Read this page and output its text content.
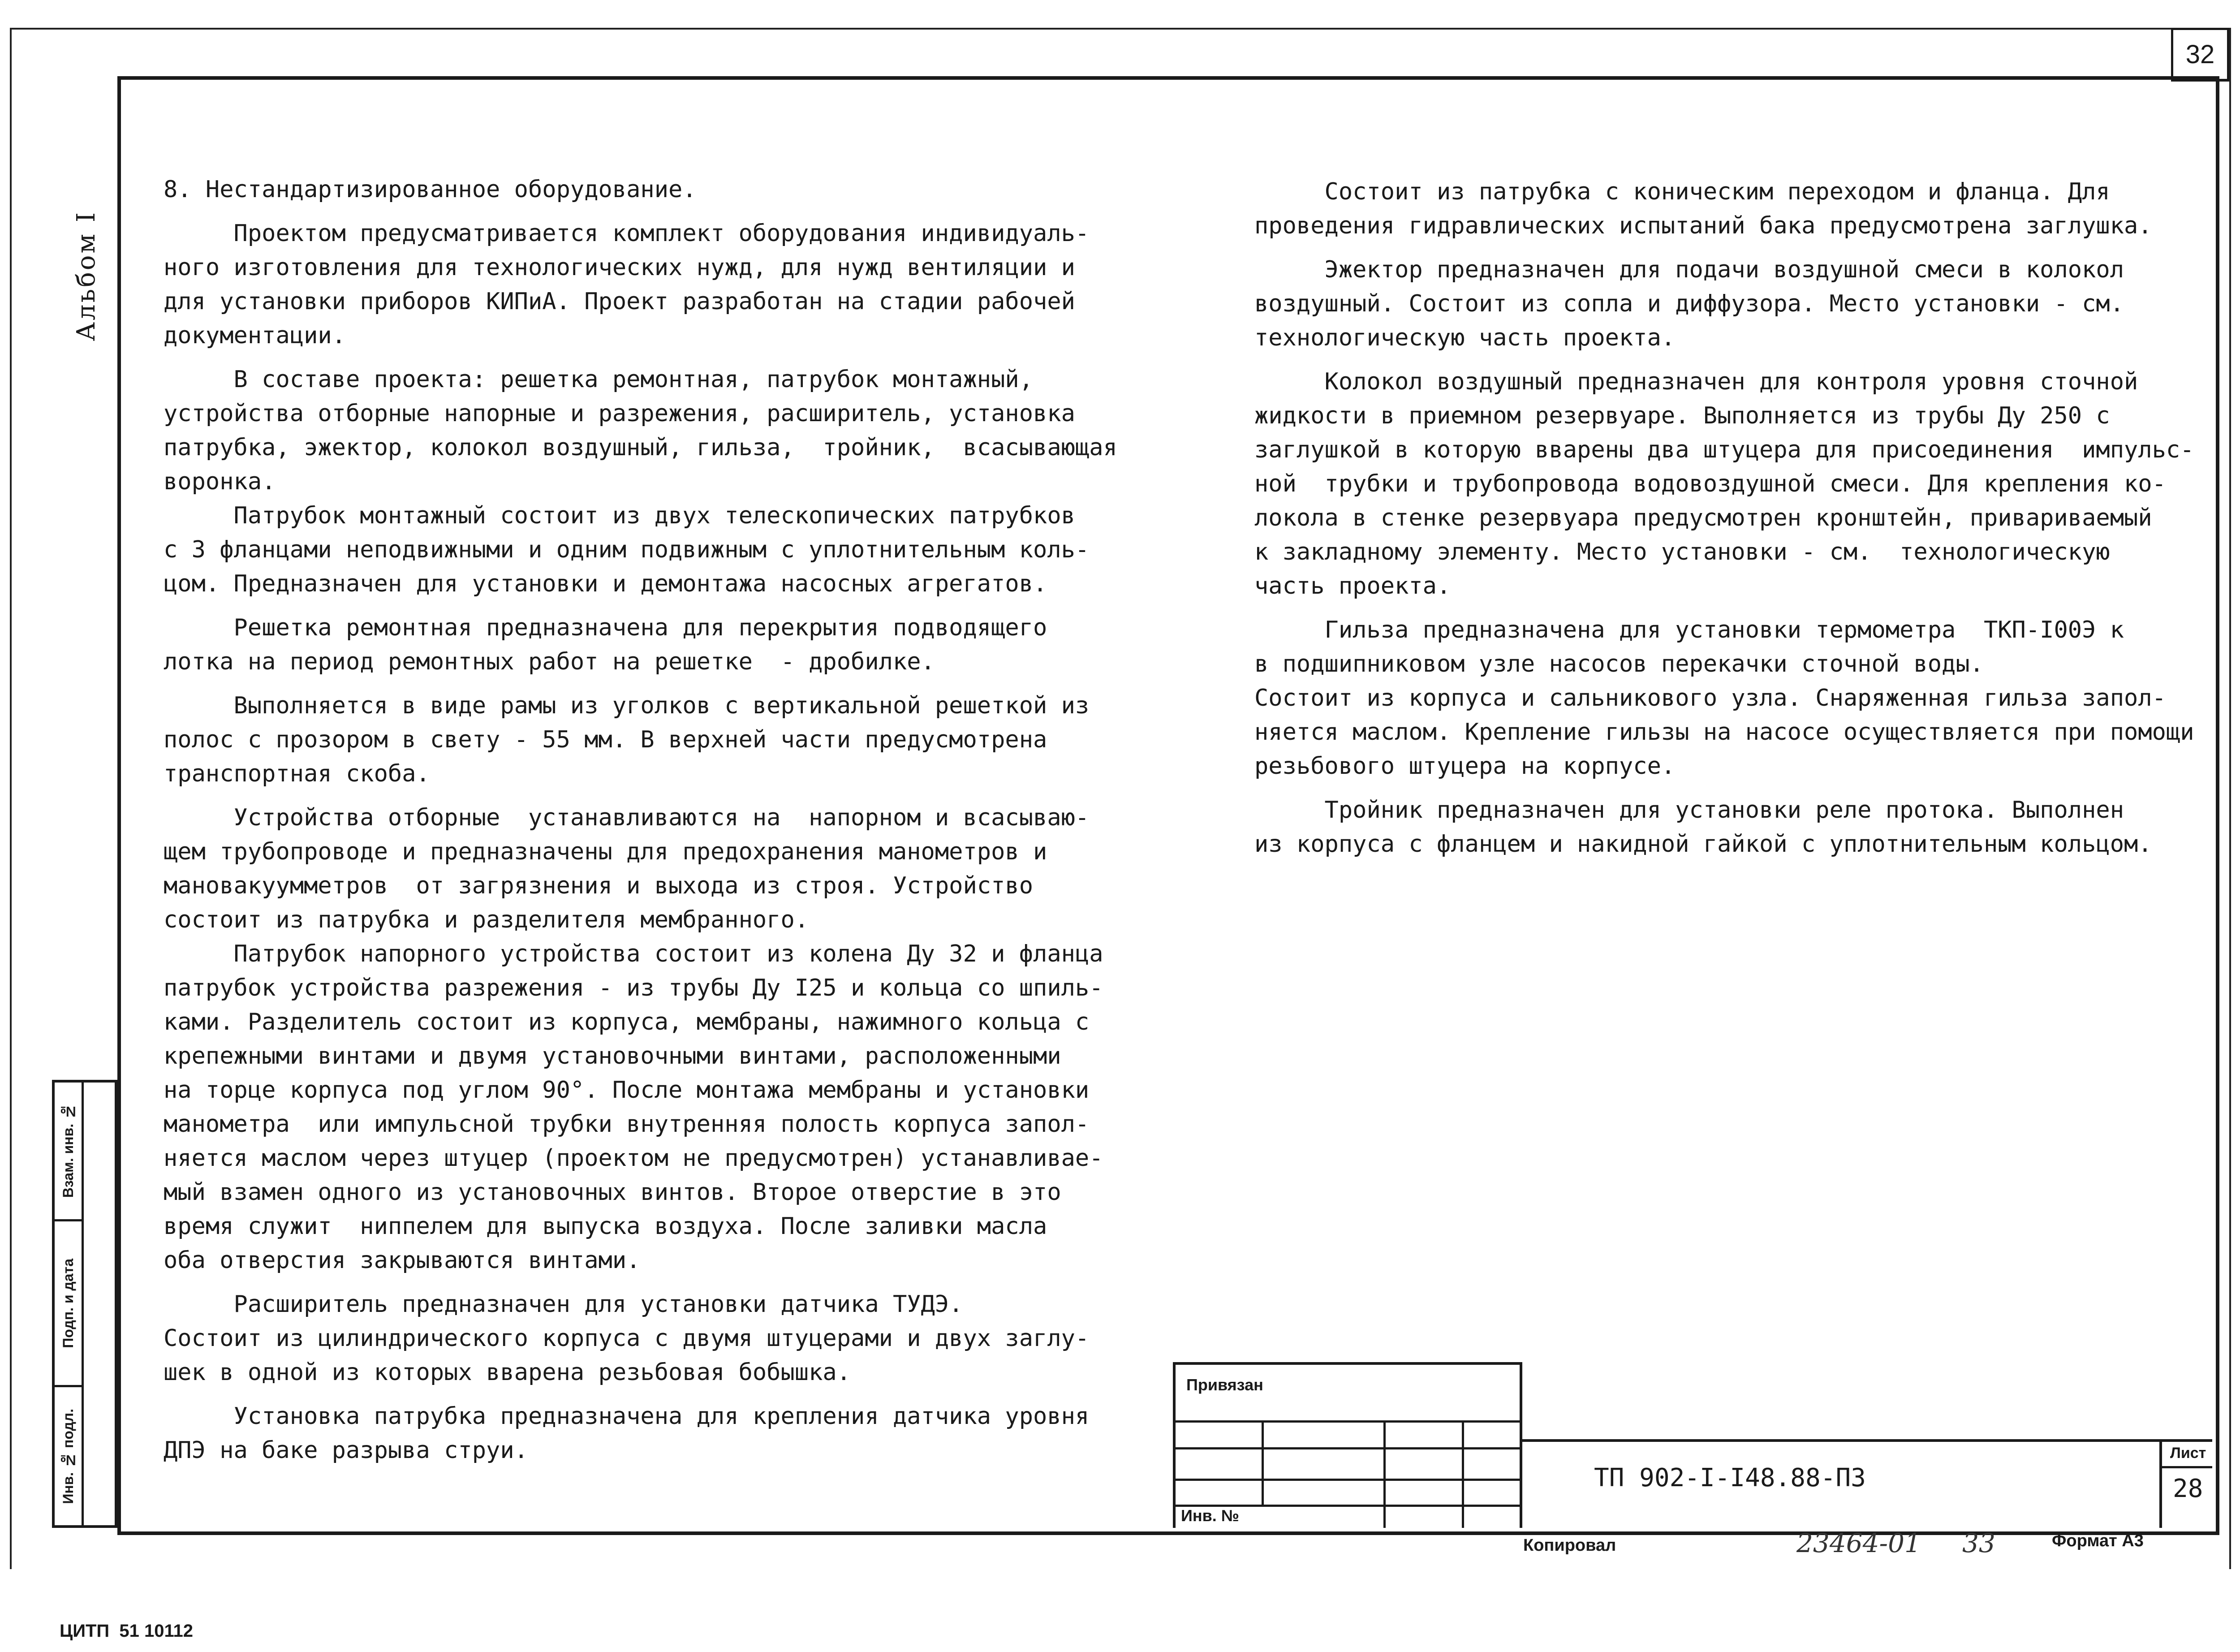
32
Альбом I
Взам. инв. №
Подп. и дата
Инв. № подл.
8. Нестандартизированное оборудование.
Проектом предусматривается комплект оборудования индивидуаль-
ного изготовления для технологических нужд, для нужд вентиляции и
для установки приборов КИПиА. Проект разработан на стадии рабочей
документации.
В составе проекта: решетка ремонтная, патрубок монтажный,
устройства отборные напорные и разрежения, расширитель, установка
патрубка, эжектор, колокол воздушный, гильза,  тройник,  всасывающая
воронка.
Патрубок монтажный состоит из двух телескопических патрубков
с 3 фланцами неподвижными и одним подвижным с уплотнительным коль-
цом. Предназначен для установки и демонтажа насосных агрегатов.
Решетка ремонтная предназначена для перекрытия подводящего
лотка на период ремонтных работ на решетке  - дробилке.
Выполняется в виде рамы из уголков с вертикальной решеткой из
полос с прозором в свету - 55 мм. В верхней части предусмотрена
транспортная скоба.
Устройства отборные  устанавливаются на  напорном и всасываю-
щем трубопроводе и предназначены для предохранения манометров и
мановакуумметров  от загрязнения и выхода из строя. Устройство
состоит из патрубка и разделителя мембранного.
Патрубок напорного устройства состоит из колена Ду 32 и фланца
патрубок устройства разрежения - из трубы Ду I25 и кольца со шпиль-
ками. Разделитель состоит из корпуса, мембраны, нажимного кольца с
крепежными винтами и двумя установочными винтами, расположенными
на торце корпуса под углом 90°. После монтажа мембраны и установки
манометра  или импульсной трубки внутренняя полость корпуса запол-
няется маслом через штуцер (проектом не предусмотрен) устанавливае-
мый взамен одного из установочных винтов. Второе отверстие в это
время служит  ниппелем для выпуска воздуха. После заливки масла
оба отверстия закрываются винтами.
Расширитель предназначен для установки датчика ТУДЭ.
Состоит из цилиндрического корпуса с двумя штуцерами и двух заглу-
шек в одной из которых вварена резьбовая бобышка.
Установка патрубка предназначена для крепления датчика уровня
ДПЭ на баке разрыва струи.
Состоит из патрубка с коническим переходом и фланца. Для
проведения гидравлических испытаний бака предусмотрена заглушка.
Эжектор предназначен для подачи воздушной смеси в колокол
воздушный. Состоит из сопла и диффузора. Место установки - см.
технологическую часть проекта.
Колокол воздушный предназначен для контроля уровня сточной
жидкости в приемном резервуаре. Выполняется из трубы Ду 250 с
заглушкой в которую вварены два штуцера для присоединения  импульс-
ной  трубки и трубопровода водовоздушной смеси. Для крепления ко-
локола в стенке резервуара предусмотрен кронштейн, привариваемый
к закладному элементу. Место установки - см.  технологическую
часть проекта.
Гильза предназначена для установки термометра  ТКП-I00Э к
в подшипниковом узле насосов перекачки сточной воды.
Состоит из корпуса и сальникового узла. Снаряженная гильза запол-
няется маслом. Крепление гильзы на насосе осуществляется при помощи
резьбового штуцера на корпусе.
Тройник предназначен для установки реле протока. Выполнен
из корпуса с фланцем и накидной гайкой с уплотнительным кольцом.
Привязан
Инв. №
ТП 902-I-I48.88-ПЗ
Лист
28
Копировал	23464-01 33	Формат А3
ЦИТП  51 10112
